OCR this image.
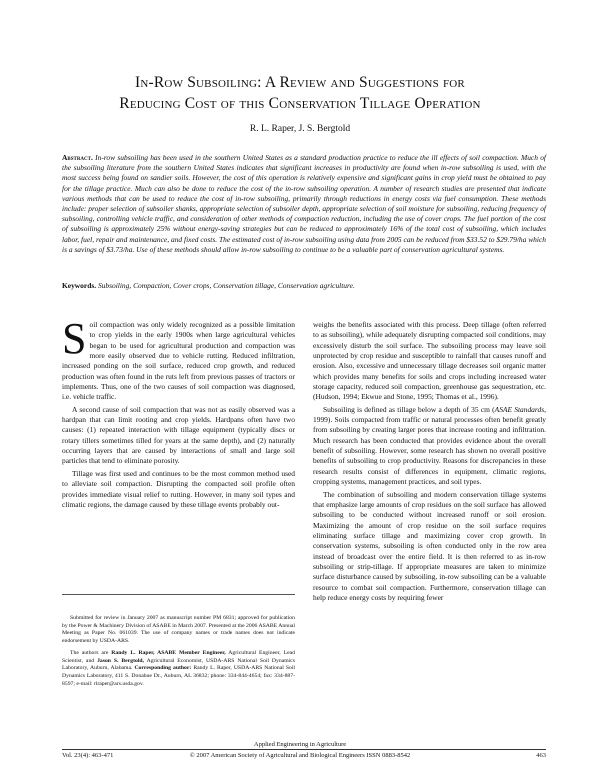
In-Row Subsoiling: A Review and Suggestions for
Reducing Cost of this Conservation Tillage Operation
R. L. Raper, J. S. Bergtold
Abstract. In-row subsoiling has been used in the southern United States as a standard production practice to reduce the ill effects of soil compaction. Much of the subsoiling literature from the southern United States indicates that significant increases in productivity are found when in-row subsoiling is used, with the most success being found on sandier soils. However, the cost of this operation is relatively expensive and significant gains in crop yield must be obtained to pay for the tillage practice. Much can also be done to reduce the cost of the in-row subsoiling operation. A number of research studies are presented that indicate various methods that can be used to reduce the cost of in-row subsoiling, primarily through reductions in energy costs via fuel consumption. These methods include: proper selection of subsoiler shanks, appropriate selection of subsoiler depth, appropriate selection of soil moisture for subsoiling, reducing frequency of subsoiling, controlling vehicle traffic, and consideration of other methods of compaction reduction, including the use of cover crops. The fuel portion of the cost of subsoiling is approximately 25% without energy-saving strategies but can be reduced to approximately 16% of the total cost of subsoiling, which includes labor, fuel, repair and maintenance, and fixed costs. The estimated cost of in-row subsoiling using data from 2005 can be reduced from $33.52 to $29.79/ha which is a savings of $3.73/ha. Use of these methods should allow in-row subsoiling to continue to be a valuable part of conservation agricultural systems.
Keywords. Subsoiling, Compaction, Cover crops, Conservation tillage, Conservation agriculture.

Soil compaction was only widely recognized as a possible limitation to crop yields in the early 1900s when large agricultural vehicles began to be used for agricultural production and compaction was more easily observed due to vehicle rutting. Reduced infiltration, increased ponding on the soil surface, reduced crop growth, and reduced production was often found in the ruts left from previous passes of tractors or implements. Thus, one of the two causes of soil compaction was diagnosed, i.e. vehicle traffic.

A second cause of soil compaction that was not as easily observed was a hardpan that can limit rooting and crop yields. Hardpans often have two causes: (1) repeated interaction with tillage equipment (typically discs or rotary tillers sometimes tilled for years at the same depth), and (2) naturally occurring layers that are caused by interactions of small and large soil particles that tend to eliminate porosity.

Tillage was first used and continues to be the most common method used to alleviate soil compaction. Disrupting the compacted soil profile often provides immediate visual relief to rutting. However, in many soil types and climatic regions, the damage caused by these tillage events probably out-

Submitted for review in January 2007 as manuscript number PM 6831; approved for publication by the Power & Machinery Division of ASABE in March 2007. Presented at the 2006 ASABE Annual Meeting as Paper No. 061039. The use of company names or trade names does not indicate endorsement by USDA-ARS.

The authors are Randy L. Raper, ASABE Member Engineer, Agricultural Engineer, Lead Scientist, and Jason S. Bergtold, Agricultural Economist, USDA-ARS National Soil Dynamics Laboratory, Auburn, Alabama. Corresponding author: Randy L. Raper, USDA-ARS National Soil Dynamics Laboratory, 411 S. Donahue Dr., Auburn, AL 36832; phone: 334-844-4654; fax: 334-887-8597; e-mail: rlraper@ars.usda.gov.

weighs the benefits associated with this process. Deep tillage (often referred to as subsoiling), while adequately disrupting compacted soil conditions, may excessively disturb the soil surface. The subsoiling process may leave soil unprotected by crop residue and susceptible to rainfall that causes runoff and erosion. Also, excessive and unnecessary tillage decreases soil organic matter which provides many benefits for soils and crops including increased water storage capacity, reduced soil compaction, greenhouse gas sequestration, etc. (Hudson, 1994; Ekwue and Stone, 1995; Thomas et al., 1996).

Subsoiling is defined as tillage below a depth of 35 cm (ASAE Standards, 1999). Soils compacted from traffic or natural processes often benefit greatly from subsoiling by creating larger pores that increase rooting and infiltration. Much research has been conducted that provides evidence about the overall benefit of subsoiling. However, some research has shown no overall positive benefits of subsoiling to crop productivity. Reasons for discrepancies in these research results consist of differences in equipment, climatic regions, cropping systems, management practices, and soil types.

The combination of subsoiling and modern conservation tillage systems that emphasize large amounts of crop residues on the soil surface has allowed subsoiling to be conducted without increased runoff or soil erosion. Maximizing the amount of crop residue on the soil surface requires eliminating surface tillage and maximizing cover crop growth. In conservation systems, subsoiling is often conducted only in the row area instead of broadcast over the entire field. It is then referred to as in-row subsoiling or strip-tillage. If appropriate measures are taken to minimize surface disturbance caused by subsoiling, in-row subsoiling can be a valuable resource to combat soil compaction. Furthermore, conservation tillage can help reduce energy costs by requiring fewer

Applied Engineering in Agriculture
Vol. 23(4): 463-471	© 2007 American Society of Agricultural and Biological Engineers ISSN 0883-8542	463
